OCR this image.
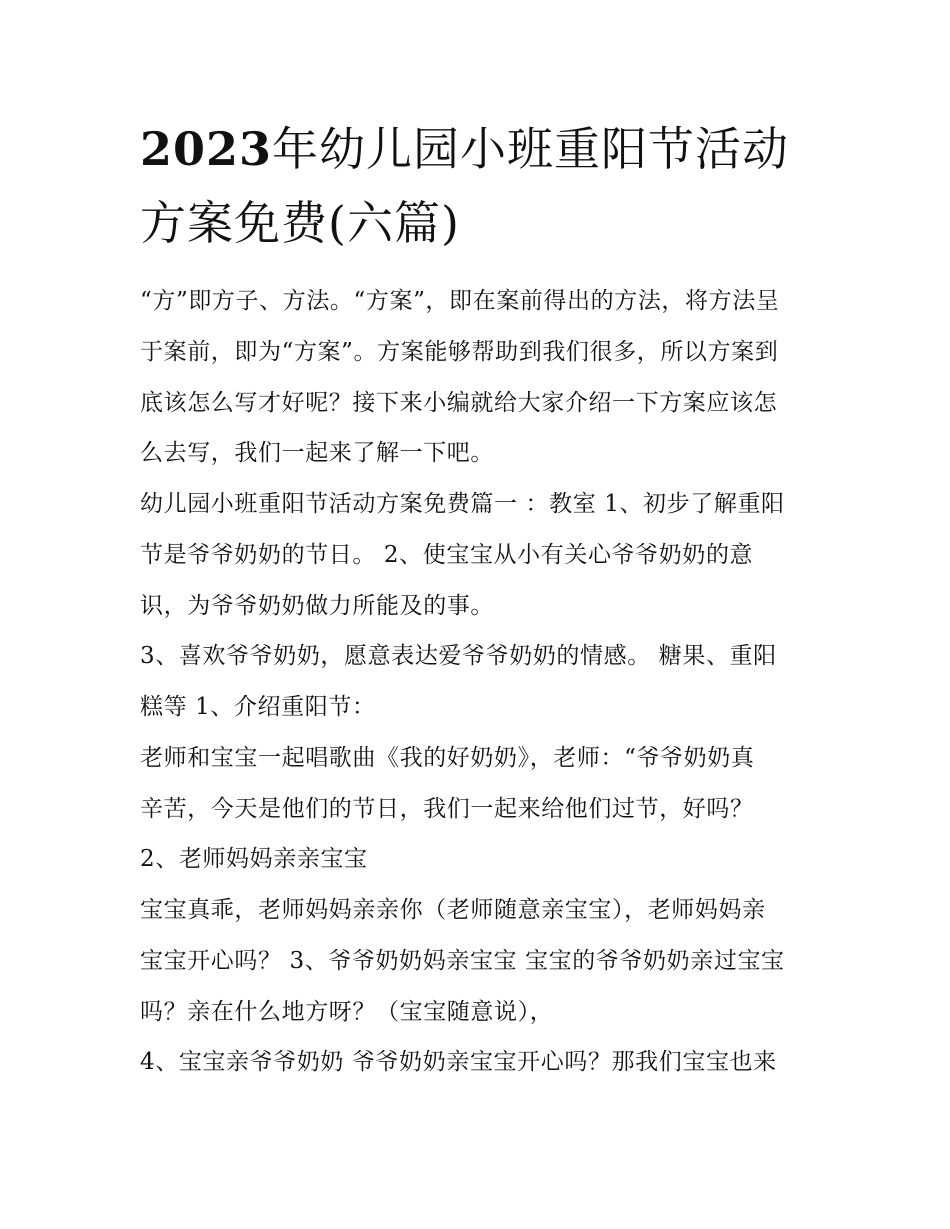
2023年幼儿园小班重阳节活动
方案免费(六篇)
“方”即方子、方法。“方案”，即在案前得出的方法，将方法呈
于案前，即为“方案”。方案能够帮助到我们很多，所以方案到
底该怎么写才好呢？接下来小编就给大家介绍一下方案应该怎
么去写，我们一起来了解一下吧。
幼儿园小班重阳节活动方案免费篇一 ：教室 1、初步了解重阳
节是爷爷奶奶的节日。 2、使宝宝从小有关心爷爷奶奶的意
识，为爷爷奶奶做力所能及的事。
3、喜欢爷爷奶奶，愿意表达爱爷爷奶奶的情感。 糖果、重阳
糕等 1、介绍重阳节：
老师和宝宝一起唱歌曲《我的好奶奶》，老师：“爷爷奶奶真
辛苦，今天是他们的节日，我们一起来给他们过节，好吗？
2、老师妈妈亲亲宝宝
宝宝真乖，老师妈妈亲亲你（老师随意亲宝宝），老师妈妈亲
宝宝开心吗？ 3、爷爷奶奶妈亲宝宝 宝宝的爷爷奶奶亲过宝宝
吗？亲在什么地方呀？（宝宝随意说），
4、宝宝亲爷爷奶奶 爷爷奶奶亲宝宝开心吗？那我们宝宝也来
